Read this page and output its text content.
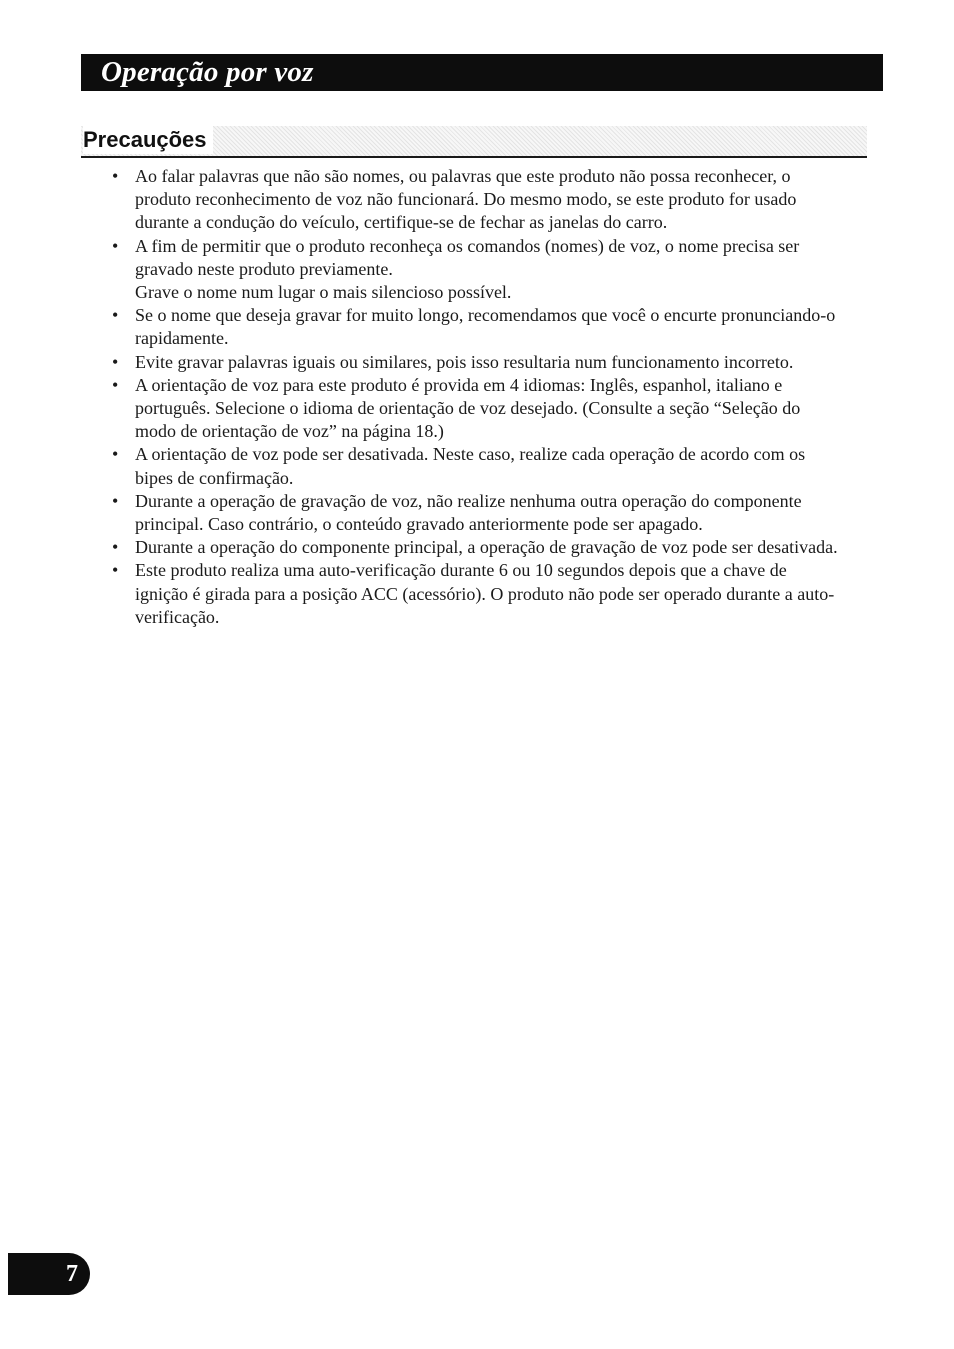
Operação por voz
Precauções
• Ao falar palavras que não são nomes, ou palavras que este produto não possa reconhecer, o produto reconhecimento de voz não funcionará. Do mesmo modo, se este produto for usado durante a condução do veículo, certifique-se de fechar as janelas do carro.
• A fim de permitir que o produto reconheça os comandos (nomes) de voz, o nome precisa ser gravado neste produto previamente.
Grave o nome num lugar o mais silencioso possível.
• Se o nome que deseja gravar for muito longo, recomendamos que você o encurte pronunciando-o rapidamente.
• Evite gravar palavras iguais ou similares, pois isso resultaria num funcionamento incorreto.
• A orientação de voz para este produto é provida em 4 idiomas: Inglês, espanhol, italiano e português. Selecione o idioma de orientação de voz desejado. (Consulte a seção “Seleção do modo de orientação de voz” na página 18.)
• A orientação de voz pode ser desativada. Neste caso, realize cada operação de acordo com os bipes de confirmação.
• Durante a operação de gravação de voz, não realize nenhuma outra operação do componente principal. Caso contrário, o conteúdo gravado anteriormente pode ser apagado.
• Durante a operação do componente principal, a operação de gravação de voz pode ser desativada.
• Este produto realiza uma auto-verificação durante 6 ou 10 segundos depois que a chave de ignição é girada para a posição ACC (acessório). O produto não pode ser operado durante a auto-verificação.
7
